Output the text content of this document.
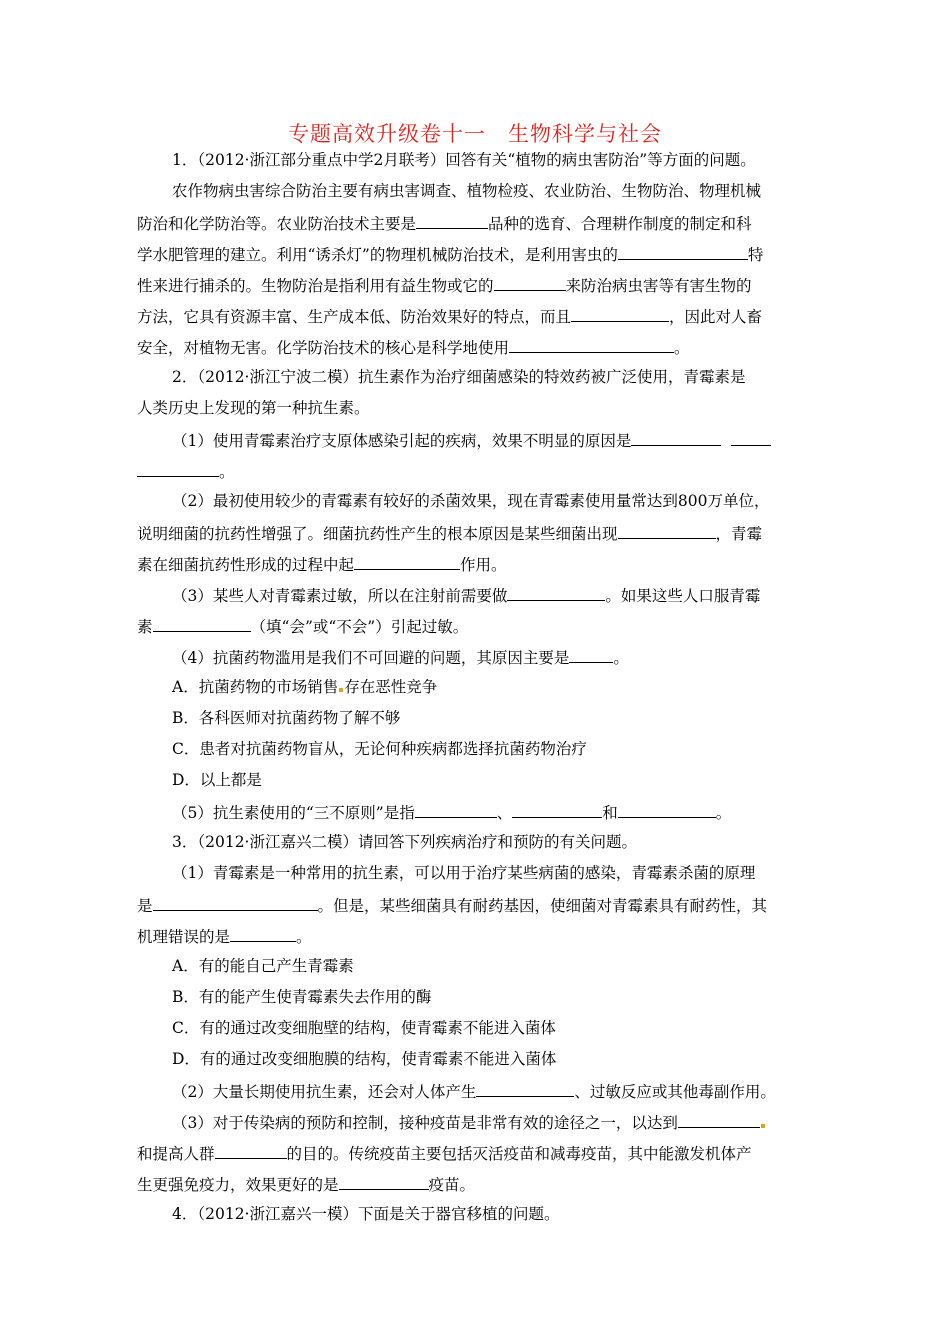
专题高效升级卷十一　生物科学与社会
1．（2012·浙江部分重点中学2月联考）回答有关“植物的病虫害防治”等方面的问题。
农作物病虫害综合防治主要有病虫害调查、植物检疫、农业防治、生物防治、物理机械
防治和化学防治等。农业防治技术主要是	品种的选育、合理耕作制度的制定和科
学水肥管理的建立。利用“诱杀灯”的物理机械防治技术，是利用害虫的	特
性来进行捕杀的。生物防治是指利用有益生物或它的	来防治病虫害等有害生物的
方法，它具有资源丰富、生产成本低、防治效果好的特点，而且	，因此对人畜
安全，对植物无害。化学防治技术的核心是科学地使用	。
2．（2012·浙江宁波二模）抗生素作为治疗细菌感染的特效药被广泛使用，青霉素是
人类历史上发现的第一种抗生素。
（1）使用青霉素治疗支原体感染引起的疾病，效果不明显的原因是
。
（2）最初使用较少的青霉素有较好的杀菌效果，现在青霉素使用量常达到800万单位，
说明细菌的抗药性增强了。细菌抗药性产生的根本原因是某些细菌出现	，青霉
素在细菌抗药性形成的过程中起	作用。
（3）某些人对青霉素过敏，所以在注射前需要做	。如果这些人口服青霉
素	（填“会”或“不会”）引起过敏。
（4）抗菌药物滥用是我们不可回避的问题，其原因主要是	。
A．抗菌药物的市场销售 存在恶性竞争
B．各科医师对抗菌药物了解不够
C．患者对抗菌药物盲从，无论何种疾病都选择抗菌药物治疗
D．以上都是
（5）抗生素使用的“三不原则”是指	、	和	。
3．（2012·浙江嘉兴二模）请回答下列疾病治疗和预防的有关问题。
（1）青霉素是一种常用的抗生素，可以用于治疗某些病菌的感染，青霉素杀菌的原理
是	。但是，某些细菌具有耐药基因，使细菌对青霉素具有耐药性，其
机理错误的是	。
A．有的能自己产生青霉素
B．有的能产生使青霉素失去作用的酶
C．有的通过改变细胞壁的结构，使青霉素不能进入菌体
D．有的通过改变细胞膜的结构，使青霉素不能进入菌体
（2）大量长期使用抗生素，还会对人体产生	、过敏反应或其他毒副作用。
（3）对于传染病的预防和控制，接种疫苗是非常有效的途径之一，以达到
和提高人群	的目的。传统疫苗主要包括灭活疫苗和减毒疫苗，其中能激发机体产
生更强免疫力，效果更好的是	疫苗。
4．（2012·浙江嘉兴一模）下面是关于器官移植的问题。
